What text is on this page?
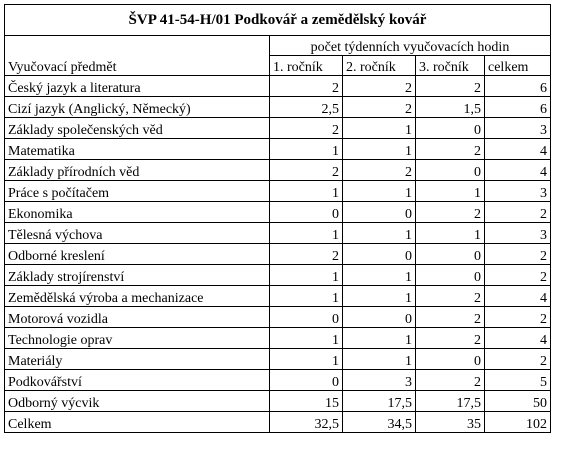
ŠVP 41-54-H/01 Podkovář a zemědělský kovář				
Vyučovací předmět	počet týdenních vyučovacích hodin			
	1. ročník	2. ročník	3. ročník	celkem
Český jazyk a literatura	2	2	2	6
Cizí jazyk (Anglický, Německý)	2,5	2	1,5	6
Základy společenských věd	2	1	0	3
Matematika	1	1	2	4
Základy přírodních věd	2	2	0	4
Práce s počítačem	1	1	1	3
Ekonomika	0	0	2	2
Tělesná výchova	1	1	1	3
Odborné kreslení	2	0	0	2
Základy strojírenství	1	1	0	2
Zemědělská výroba a mechanizace	1	1	2	4
Motorová vozidla	0	0	2	2
Technologie oprav	1	1	2	4
Materiály	1	1	0	2
Podkovářství	0	3	2	5
Odborný výcvik	15	17,5	17,5	50
Celkem	32,5	34,5	35	102
